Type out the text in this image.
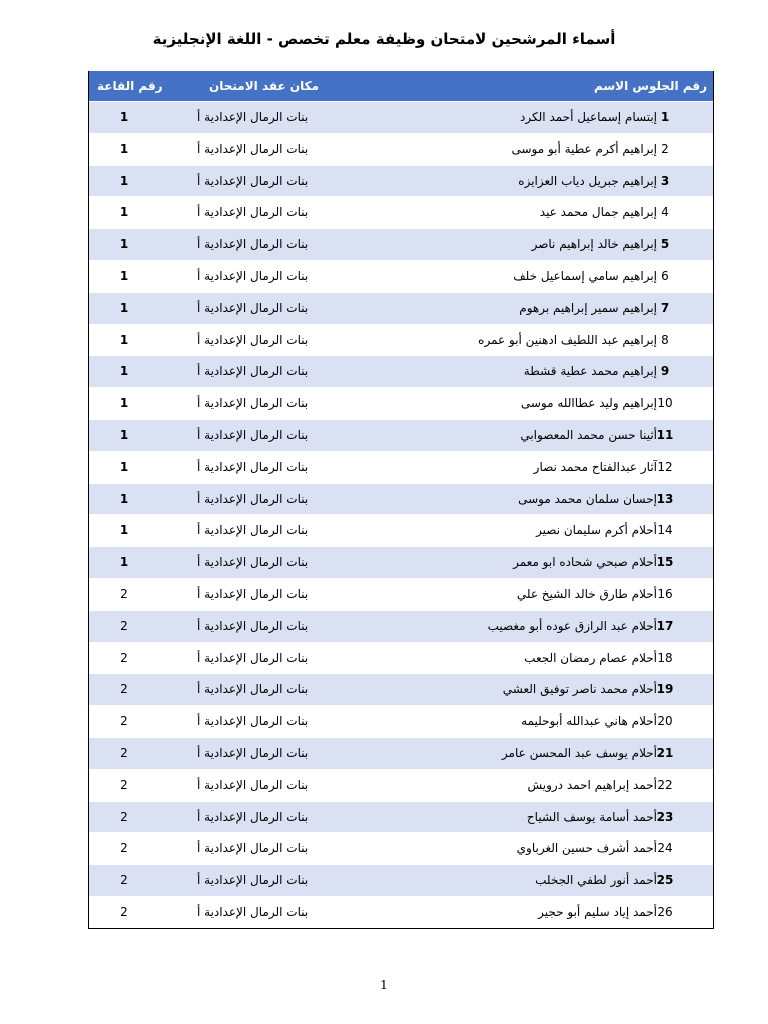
أسماء المرشحين لامتحان وظيفة معلم تخصص - اللغة الإنجليزية
رقم الجلوس الاسم
مكان عقد الامتحان
رقم القاعة
1
إبتسام إسماعيل أحمد الكرد
بنات الرمال الإعدادية أ
1
2
إبراهيم أكرم عطية أبو موسى
بنات الرمال الإعدادية أ
1
3
إبراهيم جبريل دياب العزايزه
بنات الرمال الإعدادية أ
1
4
إبراهيم جمال محمد عيد
بنات الرمال الإعدادية أ
1
5
إبراهيم خالد إبراهيم ناصر
بنات الرمال الإعدادية أ
1
6
إبراهيم سامي إسماعيل خلف
بنات الرمال الإعدادية أ
1
7
إبراهيم سمير إبراهيم برهوم
بنات الرمال الإعدادية أ
1
8
إبراهيم عبد اللطيف ادهنين أبو عمره
بنات الرمال الإعدادية أ
1
9
إبراهيم محمد عطية قشطة
بنات الرمال الإعدادية أ
1
10
إبراهيم وليد عطاالله موسى
بنات الرمال الإعدادية أ
1
11
أثينا حسن محمد المعصوابي
بنات الرمال الإعدادية أ
1
12
آثار عبدالفتاح محمد نصار
بنات الرمال الإعدادية أ
1
13
إحسان سلمان محمد موسى
بنات الرمال الإعدادية أ
1
14
أحلام أكرم سليمان نصير
بنات الرمال الإعدادية أ
1
15
أحلام صبحي شحاده ابو معمر
بنات الرمال الإعدادية أ
1
16
أحلام طارق خالد الشيخ علي
بنات الرمال الإعدادية أ
2
17
أحلام عبد الرازق عوده أبو مغصيب
بنات الرمال الإعدادية أ
2
18
أحلام عصام رمضان الجعب
بنات الرمال الإعدادية أ
2
19
أحلام محمد ناصر توفيق العشي
بنات الرمال الإعدادية أ
2
20
أحلام هاني عبدالله أبوحليمه
بنات الرمال الإعدادية أ
2
21
أحلام يوسف عبد المحسن عامر
بنات الرمال الإعدادية أ
2
22
أحمد إبراهيم احمد درويش
بنات الرمال الإعدادية أ
2
23
أحمد أسامة يوسف الشياح
بنات الرمال الإعدادية أ
2
24
أحمد أشرف حسين الغرباوي
بنات الرمال الإعدادية أ
2
25
أحمد أنور لطفي الجخلب
بنات الرمال الإعدادية أ
2
26
أحمد إياد سليم أبو حجير
بنات الرمال الإعدادية أ
2
1
